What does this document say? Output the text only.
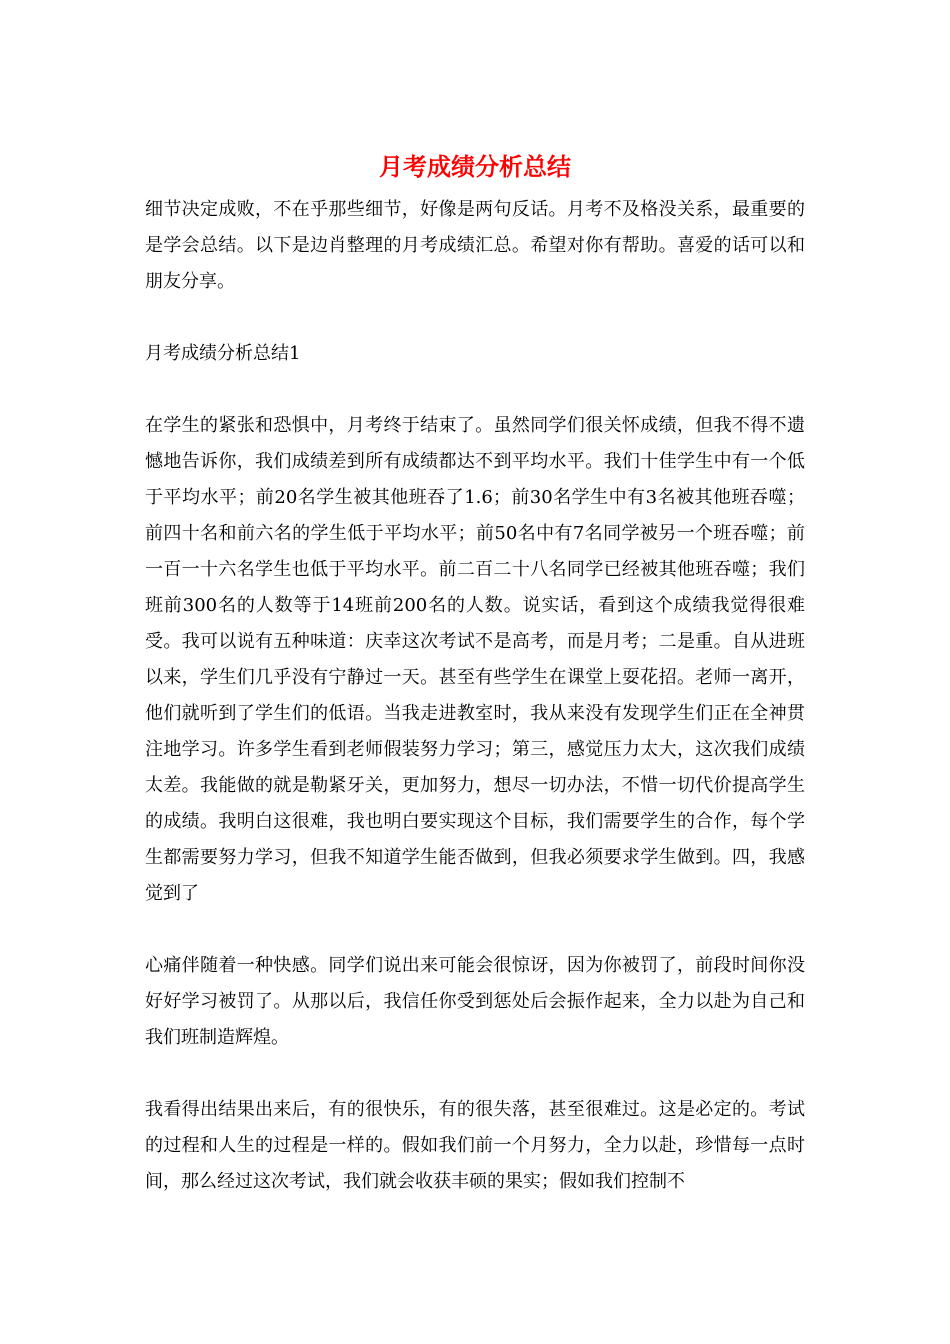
月考成绩分析总结

细节决定成败，不在乎那些细节，好像是两句反话。月考不及格没关系，最重要的是学会总结。以下是边肖整理的月考成绩汇总。希望对你有帮助。喜爱的话可以和朋友分享。

月考成绩分析总结1

在学生的紧张和恐惧中，月考终于结束了。虽然同学们很关怀成绩，但我不得不遗憾地告诉你，我们成绩差到所有成绩都达不到平均水平。我们十佳学生中有一个低于平均水平；前20名学生被其他班吞了1.6；前30名学生中有3名被其他班吞噬；前四十名和前六名的学生低于平均水平；前50名中有7名同学被另一个班吞噬；前一百一十六名学生也低于平均水平。前二百二十八名同学已经被其他班吞噬；我们班前300名的人数等于14班前200名的人数。说实话，看到这个成绩我觉得很难受。我可以说有五种味道：庆幸这次考试不是高考，而是月考；二是重。自从进班以来，学生们几乎没有宁静过一天。甚至有些学生在课堂上耍花招。老师一离开，他们就听到了学生们的低语。当我走进教室时，我从来没有发现学生们正在全神贯注地学习。许多学生看到老师假装努力学习；第三，感觉压力太大，这次我们成绩太差。我能做的就是勒紧牙关，更加努力，想尽一切办法，不惜一切代价提高学生的成绩。我明白这很难，我也明白要实现这个目标，我们需要学生的合作，每个学生都需要努力学习，但我不知道学生能否做到，但我必须要求学生做到。四，我感觉到了

心痛伴随着一种快感。同学们说出来可能会很惊讶，因为你被罚了，前段时间你没好好学习被罚了。从那以后，我信任你受到惩处后会振作起来，全力以赴为自己和我们班制造辉煌。

我看得出结果出来后，有的很快乐，有的很失落，甚至很难过。这是必定的。考试的过程和人生的过程是一样的。假如我们前一个月努力，全力以赴，珍惜每一点时间，那么经过这次考试，我们就会收获丰硕的果实；假如我们控制不
